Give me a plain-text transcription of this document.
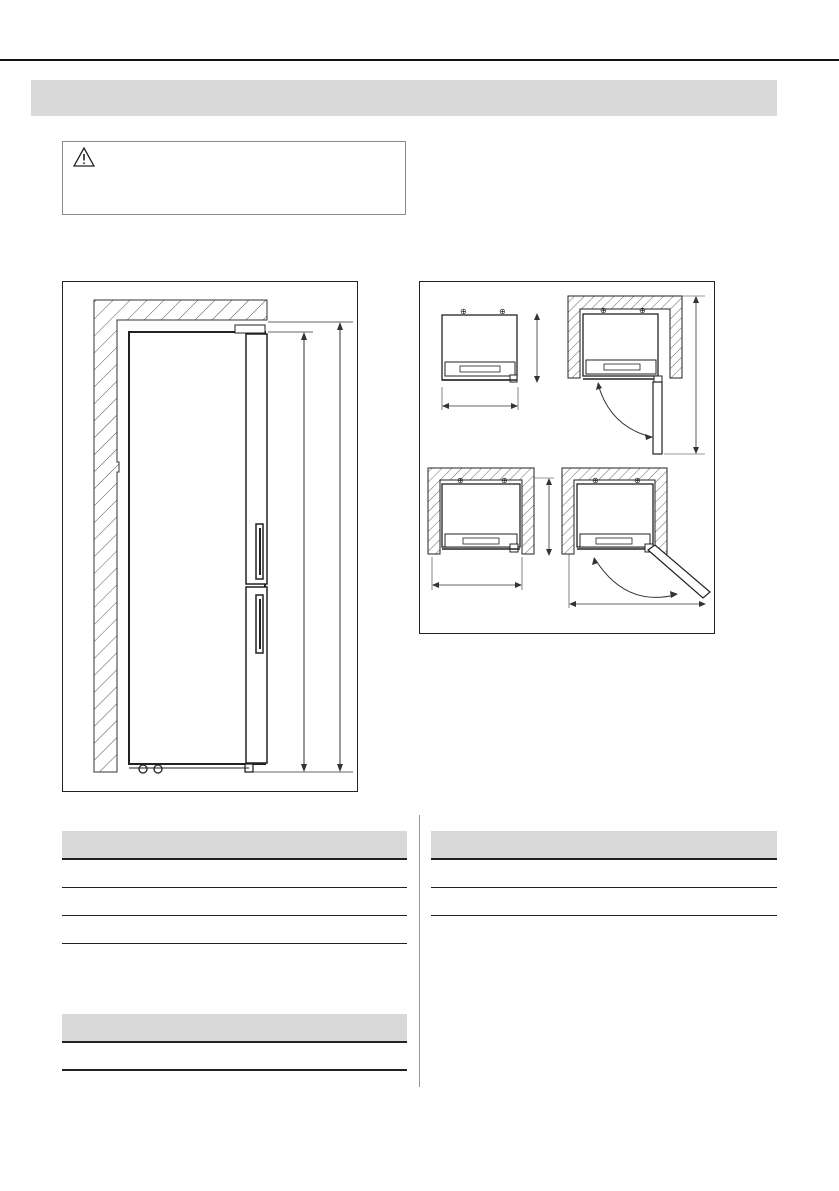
⊕	⊕	⊕	⊕
⊕	⊕	⊕	⊕
